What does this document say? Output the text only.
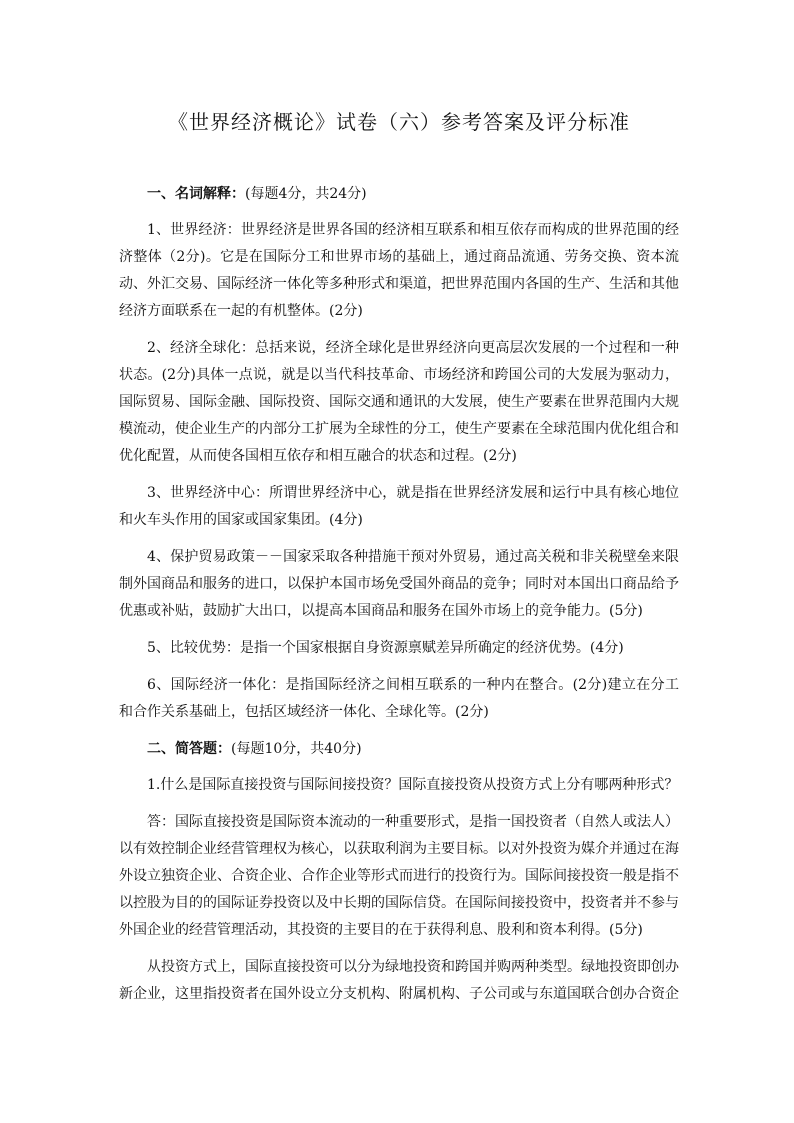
《世界经济概论》试卷（六）参考答案及评分标准

一、名词解释：(每题4分，共24分)

1、世界经济：世界经济是世界各国的经济相互联系和相互依存而构成的世界范围的经济整体（2分)。它是在国际分工和世界市场的基础上，通过商品流通、劳务交换、资本流动、外汇交易、国际经济一体化等多种形式和渠道，把世界范围内各国的生产、生活和其他经济方面联系在一起的有机整体。(2分)

2、经济全球化：总括来说，经济全球化是世界经济向更高层次发展的一个过程和一种状态。(2分)具体一点说，就是以当代科技革命、市场经济和跨国公司的大发展为驱动力，国际贸易、国际金融、国际投资、国际交通和通讯的大发展，使生产要素在世界范围内大规模流动，使企业生产的内部分工扩展为全球性的分工，使生产要素在全球范围内优化组合和优化配置，从而使各国相互依存和相互融合的状态和过程。(2分)

3、世界经济中心：所谓世界经济中心，就是指在世界经济发展和运行中具有核心地位和火车头作用的国家或国家集团。(4分)

4、保护贸易政策－－国家采取各种措施干预对外贸易，通过高关税和非关税壁垒来限制外国商品和服务的进口，以保护本国市场免受国外商品的竞争；同时对本国出口商品给予优惠或补贴，鼓励扩大出口，以提高本国商品和服务在国外市场上的竞争能力。(5分)

5、比较优势：是指一个国家根据自身资源禀赋差异所确定的经济优势。(4分)

6、国际经济一体化：是指国际经济之间相互联系的一种内在整合。(2分)建立在分工和合作关系基础上，包括区域经济一体化、全球化等。(2分)

二、简答题：(每题10分，共40分)

1.什么是国际直接投资与国际间接投资？国际直接投资从投资方式上分有哪两种形式？

答：国际直接投资是国际资本流动的一种重要形式，是指一国投资者（自然人或法人）以有效控制企业经营管理权为核心，以获取利润为主要目标。以对外投资为媒介并通过在海外设立独资企业、合资企业、合作企业等形式而进行的投资行为。国际间接投资一般是指不以控股为目的的国际证券投资以及中长期的国际信贷。在国际间接投资中，投资者并不参与外国企业的经营管理活动，其投资的主要目的在于获得利息、股利和资本利得。(5分)

从投资方式上，国际直接投资可以分为绿地投资和跨国并购两种类型。绿地投资即创办新企业，这里指投资者在国外设立分支机构、附属机构、子公司或与东道国联合创办合资企
